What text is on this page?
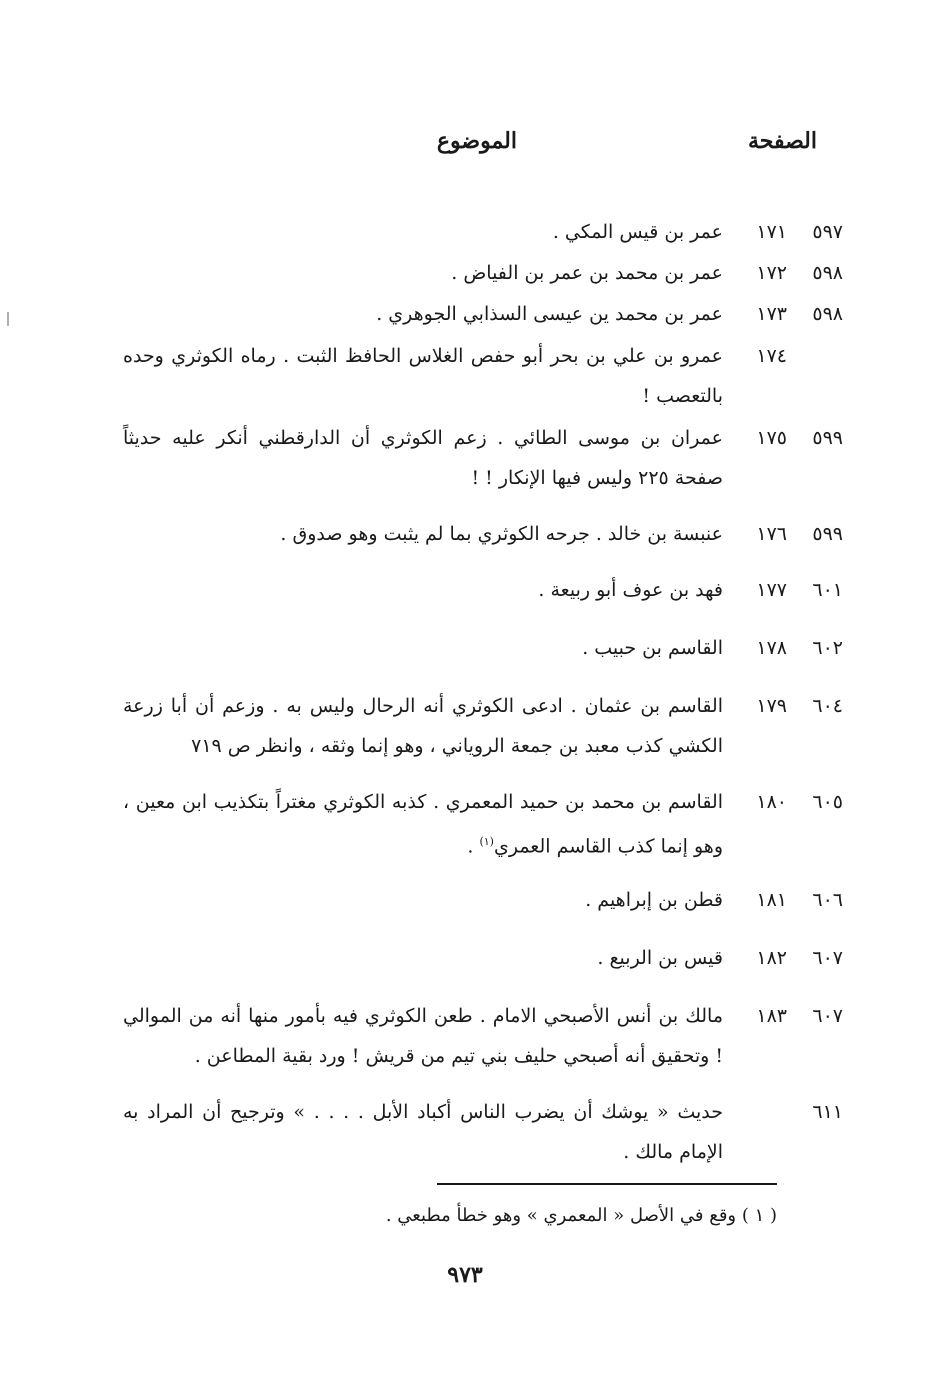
الصفحة
الموضوع
٥٩٧
١٧١
عمر بن قيس المكي .
٥٩٨
١٧٢
عمر بن محمد بن عمر بن الفياض .
٥٩٨
١٧٣
عمر بن محمد ين عيسى السذابي الجوهري .
١٧٤
عمرو بن علي بن بحر أبو حفص الغلاس الحافظ الثبت . رماه الكوثري وحده بالتعصب !
٥٩٩
١٧٥
عمران بن موسى الطائي . زعم الكوثري أن الدارقطني أنكر عليه حديثاً صفحة ٢٢٥ وليس فيها الإنكار ! !
٥٩٩
١٧٦
عنبسة بن خالد . جرحه الكوثري بما لم يثبت وهو صدوق .
٦٠١
١٧٧
فهد بن عوف أبو ربيعة .
٦٠٢
١٧٨
القاسم بن حبيب .
٦٠٤
١٧٩
القاسم بن عثمان . ادعى الكوثري أنه الرحال وليس به . وزعم أن أبا زرعة الكشي كذب معبد بن جمعة الروياني ، وهو إنما وثقه ، وانظر ص ٧١٩
٦٠٥
١٨٠
القاسم بن محمد بن حميد المعمري . كذبه الكوثري مغتراً بتكذيب ابن معين ، وهو إنما كذب القاسم العمري$^{(١)}$ .
٦٠٦
١٨١
قطن بن إبراهيم .
٦٠٧
١٨٢
قيس بن الربيع .
٦٠٧
١٨٣
مالك بن أنس الأصبحي الامام . طعن الكوثري فيه بأمور منها أنه من الموالي ! وتحقيق أنه أصبحي حليف بني تيم من قريش ! ورد بقية المطاعن .
٦١١
حديث « يوشك أن يضرب الناس أكباد الأبل . . . . » وترجيح أن المراد به الإمام مالك .
( ١ ) وقع في الأصل « المعمري » وهو خطأ مطبعي .
٩٧٣
